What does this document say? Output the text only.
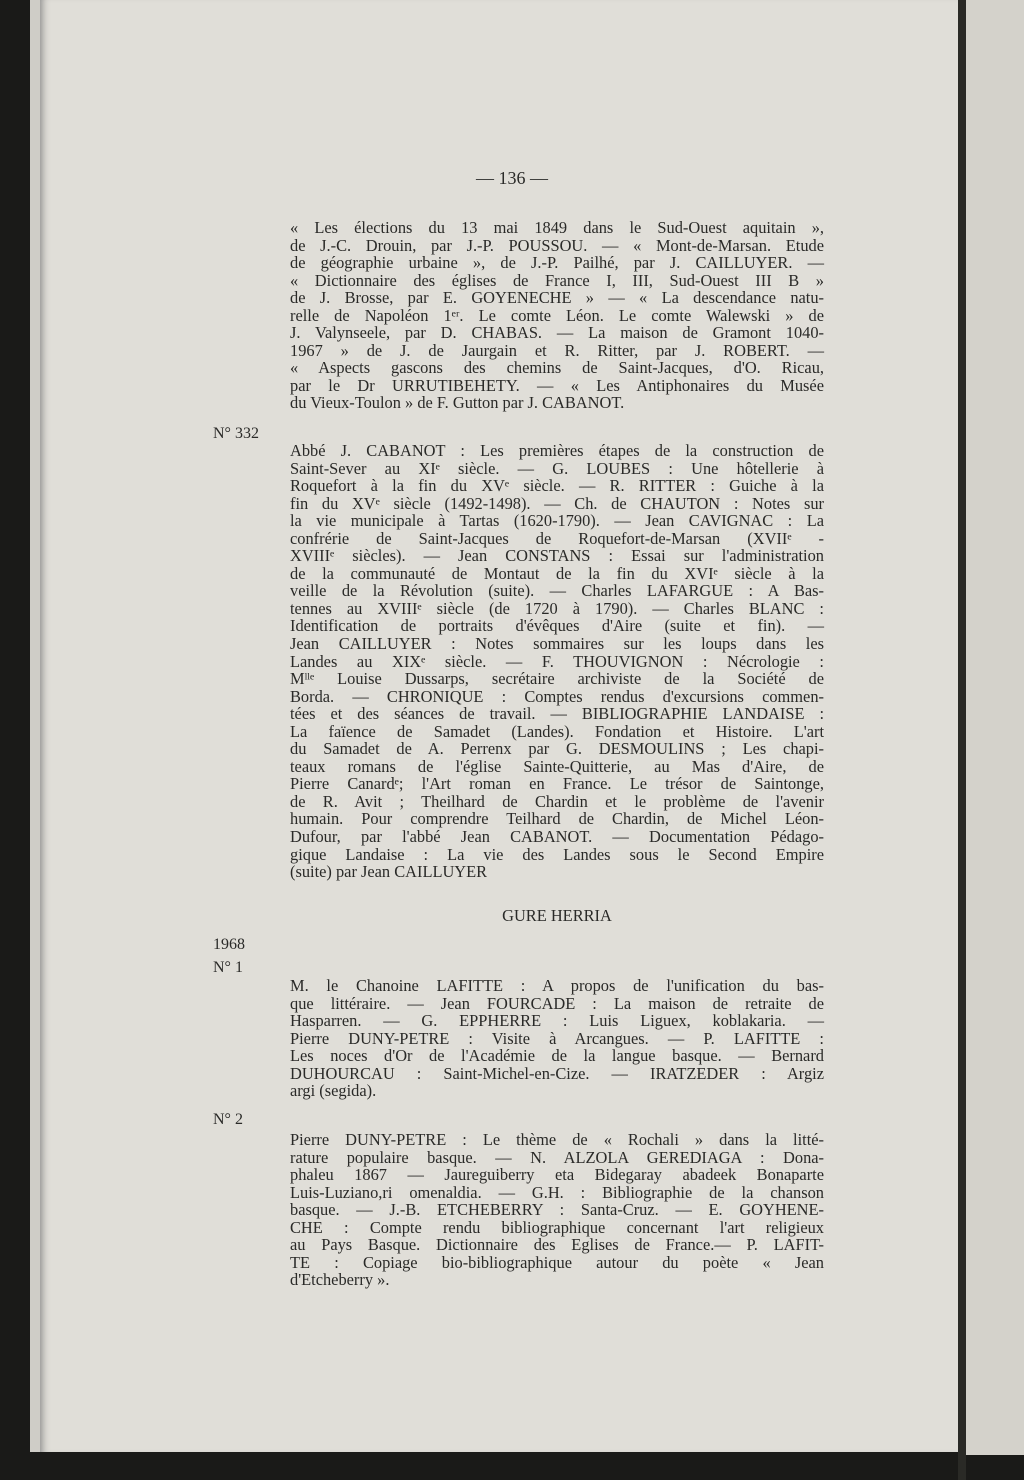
— 136 —
« Les élections du 13 mai 1849 dans le Sud-Ouest aquitain »,
de J.-C. Drouin, par J.-P. POUSSOU. — « Mont-de-Marsan. Etude
de géographie urbaine », de J.-P. Pailhé, par J. CAILLUYER. —
« Dictionnaire des églises de France I, III, Sud-Ouest III B »
de J. Brosse, par E. GOYENECHE » — « La descendance natu-
relle de Napoléon 1ᵉʳ. Le comte Léon. Le comte Walewski » de
J. Valynseele, par D. CHABAS. — La maison de Gramont 1040-
1967 » de J. de Jaurgain et R. Ritter, par J. ROBERT. —
« Aspects gascons des chemins de Saint-Jacques, d'O. Ricau,
par le Dr URRUTIBEHETY. — « Les Antiphonaires du Musée
du Vieux-Toulon » de F. Gutton par J. CABANOT.
N° 332
Abbé J. CABANOT : Les premières étapes de la construction de
Saint-Sever au XIᵉ siècle. — G. LOUBES : Une hôtellerie à
Roquefort à la fin du XVᵉ siècle. — R. RITTER : Guiche à la
fin du XVᵉ siècle (1492-1498). — Ch. de CHAUTON : Notes sur
la vie municipale à Tartas (1620-1790). — Jean CAVIGNAC : La
confrérie de Saint-Jacques de Roquefort-de-Marsan (XVIIᵉ -
XVIIIᵉ siècles). — Jean CONSTANS : Essai sur l'administration
de la communauté de Montaut de la fin du XVIᵉ siècle à la
veille de la Révolution (suite). — Charles LAFARGUE : A Bas-
tennes au XVIIIᵉ siècle (de 1720 à 1790). — Charles BLANC :
Identification de portraits d'évêques d'Aire (suite et fin). —
Jean CAILLUYER : Notes sommaires sur les loups dans les
Landes au XIXᵉ siècle. — F. THOUVIGNON : Nécrologie :
Mˡˡᵉ Louise Dussarps, secrétaire archiviste de la Société de
Borda. — CHRONIQUE : Comptes rendus d'excursions commen-
tées et des séances de travail. — BIBLIOGRAPHIE LANDAISE :
La faïence de Samadet (Landes). Fondation et Histoire. L'art
du Samadet de A. Perrenx par G. DESMOULINS ; Les chapi-
teaux romans de l'église Sainte-Quitterie, au Mas d'Aire, de
Pierre Canardᵉ; l'Art roman en France. Le trésor de Saintonge,
de R. Avit ; Theilhard de Chardin et le problème de l'avenir
humain. Pour comprendre Teilhard de Chardin, de Michel Léon-
Dufour, par l'abbé Jean CABANOT. — Documentation Pédago-
gique Landaise : La vie des Landes sous le Second Empire
(suite) par Jean CAILLUYER
GURE HERRIA
1968
N° 1
M. le Chanoine LAFITTE : A propos de l'unification du bas-
que littéraire. — Jean FOURCADE : La maison de retraite de
Hasparren. — G. EPPHERRE : Luis Liguex, koblakaria. —
Pierre DUNY-PETRE : Visite à Arcangues. — P. LAFITTE :
Les noces d'Or de l'Académie de la langue basque. — Bernard
DUHOURCAU : Saint-Michel-en-Cize. — IRATZEDER : Argiz
argi (segida).
N° 2
Pierre DUNY-PETRE : Le thème de « Rochali » dans la litté-
rature populaire basque. — N. ALZOLA GEREDIAGA : Dona-
phaleu 1867 — Jaureguiberry eta Bidegaray abadeek Bonaparte
Luis-Luziano,ri omenaldia. — G.H. : Bibliographie de la chanson
basque. — J.-B. ETCHEBERRY : Santa-Cruz. — E. GOYHENE-
CHE : Compte rendu bibliographique concernant l'art religieux
au Pays Basque. Dictionnaire des Eglises de France.— P. LAFIT-
TE : Copiage bio-bibliographique autour du poète « Jean
d'Etcheberry ».
